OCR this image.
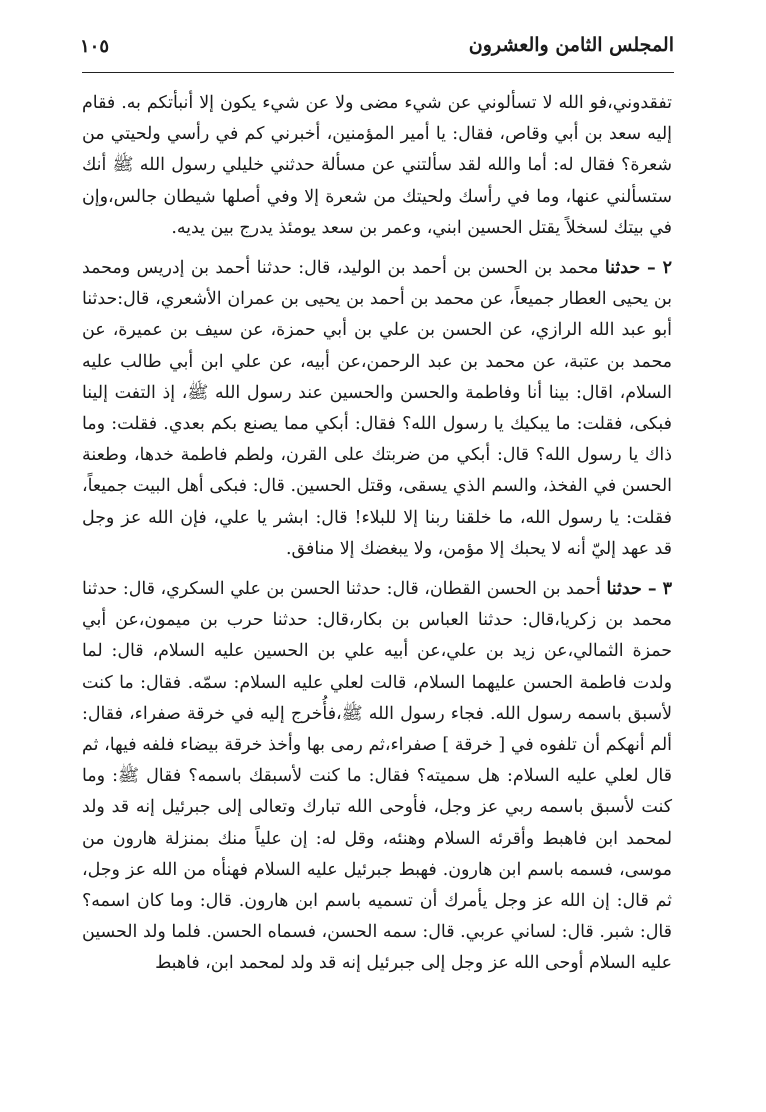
المجلس الثامن والعشرون
١٠٥

تفقدوني،فو الله لا تسألوني عن شيء مضى ولا عن شيء يكون إلا أنبأتكم به. فقام إليه سعد بن أبي وقاص، فقال: يا أمير المؤمنين، أخبرني كم في رأسي ولحيتي من شعرة؟ فقال له: أما والله لقد سألتني عن مسألة حدثني خليلي رسول الله ﷺ أنك ستسألني عنها، وما في رأسك ولحيتك من شعرة إلا وفي أصلها شيطان جالس،وإن في بيتك لسخلاً يقتل الحسين ابني، وعمر بن سعد يومئذ يدرج بين يديه.

٢ – حدثنا محمد بن الحسن بن أحمد بن الوليد، قال: حدثنا أحمد بن إدريس ومحمد بن يحيى العطار جميعاً، عن محمد بن أحمد بن يحيى بن عمران الأشعري، قال:حدثنا أبو عبد الله الرازي، عن الحسن بن علي بن أبي حمزة، عن سيف بن عميرة، عن محمد بن عتبة، عن محمد بن عبد الرحمن،عن أبيه، عن علي ابن أبي طالب عليه السلام، اقال: بينا أنا وفاطمة والحسن والحسين عند رسول الله ﷺ، إذ التفت إلينا فبكى، فقلت: ما يبكيك يا رسول الله؟ فقال: أبكي مما يصنع بكم بعدي. فقلت: وما ذاك يا رسول الله؟ قال: أبكي من ضربتك على القرن، ولطم فاطمة خدها، وطعنة الحسن في الفخذ، والسم الذي يسقى، وقتل الحسين. قال: فبكى أهل البيت جميعاً، فقلت: يا رسول الله، ما خلقنا ربنا إلا للبلاء! قال: ابشر يا علي، فإن الله عز وجل قد عهد إليّ أنه لا يحبك إلا مؤمن، ولا يبغضك إلا منافق.

٣ – حدثنا أحمد بن الحسن القطان، قال: حدثنا الحسن بن علي السكري، قال: حدثنا محمد بن زكريا،قال: حدثنا العباس بن بكار،قال: حدثنا حرب بن ميمون،عن أبي حمزة الثمالي،عن زيد بن علي،عن أبيه علي بن الحسين عليه السلام، قال: لما ولدت فاطمة الحسن عليهما السلام، قالت لعلي عليه السلام: سمّه. فقال: ما كنت لأسبق باسمه رسول الله. فجاء رسول الله ﷺ،فأُخرج إليه في خرقة صفراء، فقال: ألم أنهكم أن تلفوه في [ خرقة ] صفراء،ثم رمى بها وأخذ خرقة بيضاء فلفه فيها، ثم قال لعلي عليه السلام: هل سميته؟ فقال: ما كنت لأسبقك باسمه؟ فقال ﷺ: وما كنت لأسبق باسمه ربي عز وجل، فأوحى الله تبارك وتعالى إلى جبرئيل إنه قد ولد لمحمد ابن فاهبط وأقرئه السلام وهنئه، وقل له: إن علياً منك بمنزلة هارون من موسى، فسمه باسم ابن هارون. فهبط جبرئيل عليه السلام فهنأه من الله عز وجل، ثم قال: إن الله عز وجل يأمرك أن تسميه باسم ابن هارون. قال: وما كان اسمه؟ قال: شبر. قال: لساني عربي. قال: سمه الحسن، فسماه الحسن. فلما ولد الحسين عليه السلام أوحى الله عز وجل إلى جبرئيل إنه قد ولد لمحمد ابن، فاهبط
